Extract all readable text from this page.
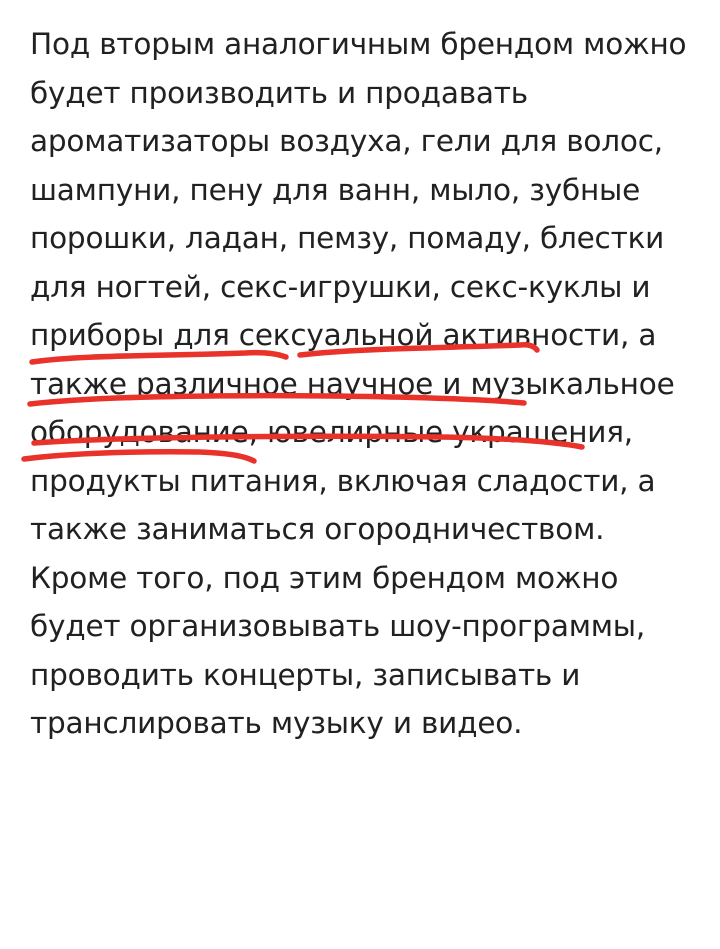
Под вторым аналогичным брендом можно будет производить и продавать ароматизаторы воздуха, гели для волос, шампуни, пену для ванн, мыло, зубные порошки, ладан, пемзу, помаду, блестки для ногтей, секс-игрушки, секс-куклы и приборы для сексуальной активности, а также различное научное и музыкальное оборудование, ювелирные украшения, продукты питания, включая сладости, а также заниматься огородничеством. Кроме того, под этим брендом можно будет организовывать шоу-программы, проводить концерты, записывать и транслировать музыку и видео.
